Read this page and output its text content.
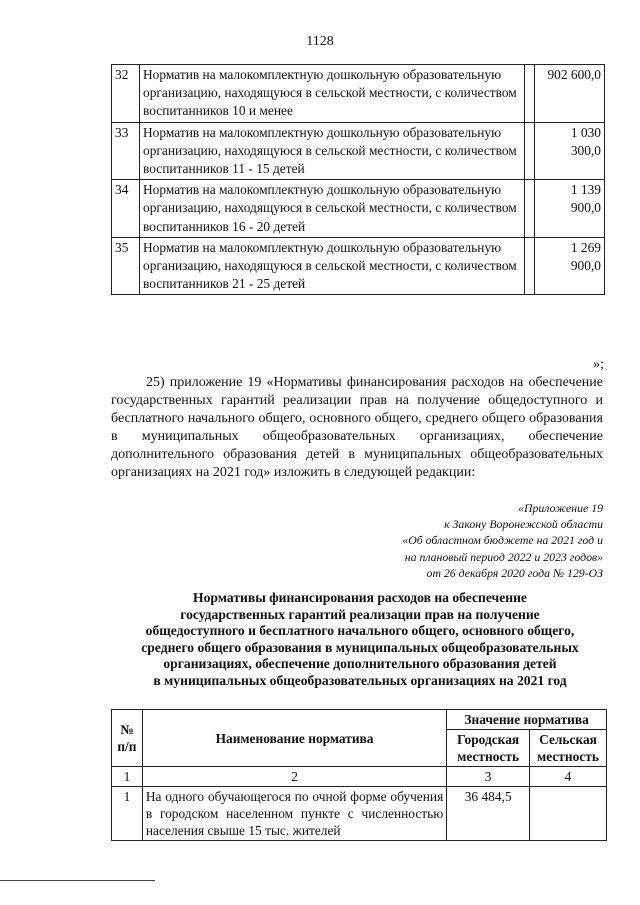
1128
32	Норматив на малокомплектную дошкольную образовательную организацию, находящуюся в сельской местности, с количеством воспитанников 10 и менее		902 600,0
33	Норматив на малокомплектную дошкольную образовательную организацию, находящуюся в сельской местности, с количеством воспитанников 11 - 15 детей		1 030 300,0
34	Норматив на малокомплектную дошкольную образовательную организацию, находящуюся в сельской местности, с количеством воспитанников 16 - 20 детей		1 139 900,0
35	Норматив на малокомплектную дошкольную образовательную организацию, находящуюся в сельской местности, с количеством воспитанников 21 - 25 детей		1 269 900,0
»;
25) приложение 19 «Нормативы финансирования расходов на обеспечение государственных гарантий реализации прав на получение общедоступного и бесплатного начального общего, основного общего, среднего общего образования в муниципальных общеобразовательных организациях, обеспечение дополнительного образования детей в муниципальных общеобразовательных организациях на 2021 год» изложить в следующей редакции:
«Приложение 19
к Закону Воронежской области
«Об областном бюджете на 2021 год и
на плановый период 2022 и 2023 годов»
от 26 декабря 2020 года № 129-ОЗ
Нормативы финансирования расходов на обеспечение
государственных гарантий реализации прав на получение
общедоступного и бесплатного начального общего, основного общего,
среднего общего образования в муниципальных общеобразовательных
организациях, обеспечение дополнительного образования детей
в муниципальных общеобразовательных организациях на 2021 год
№ п/п	Наименование норматива	Значение норматива	
		Городская местность	Сельская местность
1	2	3	4
1	На одного обучающегося по очной форме обучения в городском населенном пункте с численностью населения свыше 15 тыс. жителей	36 484,5	
